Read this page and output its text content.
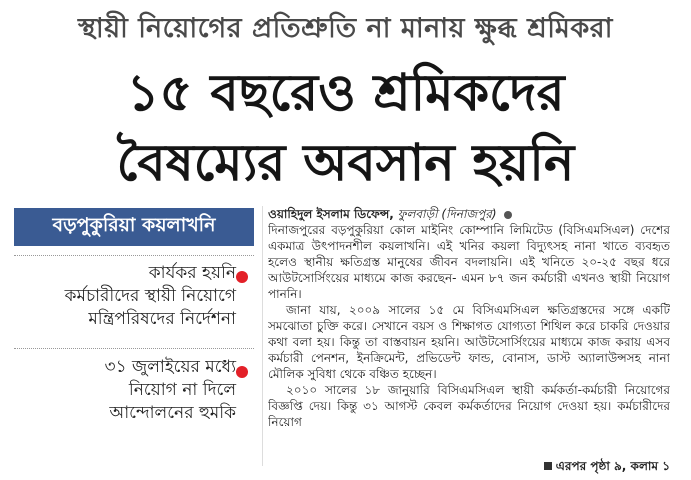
স্থায়ী নিয়োগের প্রতিশ্রুতি না মানায় ক্ষুব্ধ শ্রমিকরা
১৫ বছরেও শ্রমিকদের
বৈষম্যের অবসান হয়নি
বড়পুকুরিয়া কয়লাখনি
কার্যকর হয়নি
কর্মচারীদের স্থায়ী নিয়োগে
মন্ত্রিপরিষদের নির্দেশনা
৩১ জুলাইয়ের মধ্যে
নিয়োগ না দিলে
আন্দোলনের হুমকি

ওয়াহিদুল ইসলাম ডিফেন্স, ফুলবাড়ী (দিনাজপুর)

দিনাজপুরের বড়পুকুরিয়া কোল মাইনিং কোম্পানি লিমিটেড (বিসিএমসিএল) দেশের একমাত্র উৎপাদনশীল কয়লাখনি। এই খনির কয়লা বিদ্যুৎসহ নানা খাতে ব্যবহৃত হলেও স্থানীয় ক্ষতিগ্রস্ত মানুষের জীবন বদলায়নি। এই খনিতে ২০-২৫ বছর ধরে আউটসোর্সিংয়ের মাধ্যমে কাজ করছেন- এমন ৮৭ জন কর্মচারী এখনও স্থায়ী নিয়োগ পাননি।

জানা যায়, ২০০৯ সালের ১৫ মে বিসিএমসিএল ক্ষতিগ্রস্তদের সঙ্গে একটি সমঝোতা চুক্তি করে। সেখানে বয়স ও শিক্ষাগত যোগ্যতা শিথিল করে চাকরি দেওয়ার কথা বলা হয়। কিন্তু তা বাস্তবায়ন হয়নি। আউটসোর্সিংয়ের মাধ্যমে কাজ করায় এসব কর্মচারী পেনশন, ইনক্রিমেন্ট, প্রভিডেন্ট ফান্ড, বোনাস, ডাস্ট অ্যালাউন্সসহ নানা মৌলিক সুবিধা থেকে বঞ্চিত হচ্ছেন।

২০১০ সালের ১৮ জানুয়ারি বিসিএমসিএল স্থায়ী কর্মকর্তা-কর্মচারী নিয়োগের বিজ্ঞপ্তি দেয়। কিন্তু ৩১ আগস্ট কেবল কর্মকর্তাদের নিয়োগ দেওয়া হয়। কর্মচারীদের নিয়োগ

এরপর পৃষ্ঠা ৯, কলাম ১
